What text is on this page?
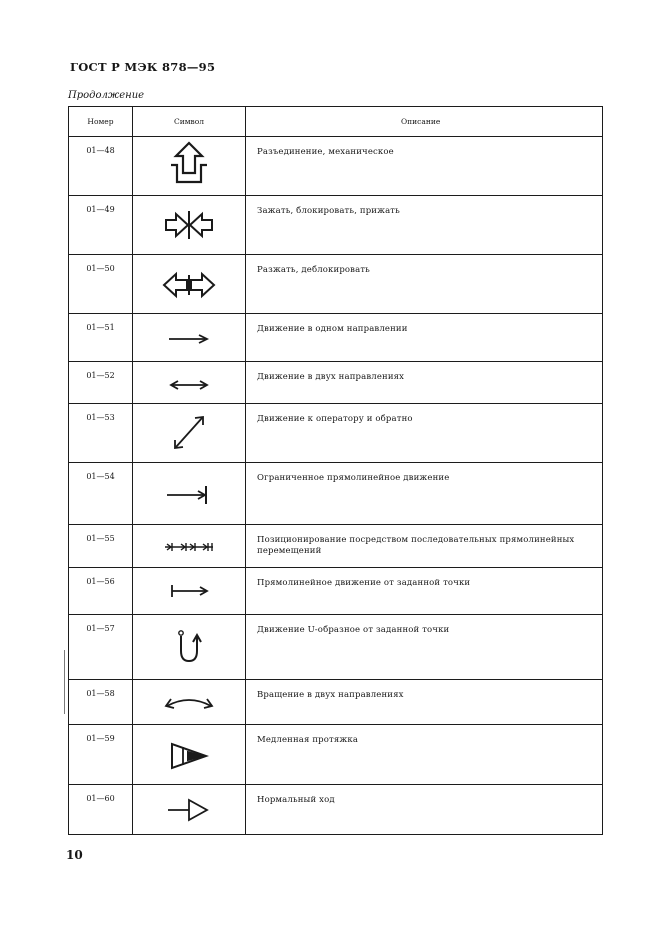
ГОСТ Р МЭК 878—95
Продолжение
Номер	Символ	Описание
01—48		Разъединение, механическое
01—49		Зажать, блокировать, прижать
01—50		Разжать, деблокировать
01—51		Движение в одном направлении
01—52		Движение в двух направлениях
01—53		Движение к оператору и обратно
01—54		Ограниченное прямолинейное движение
01—55		Позиционирование посредством последовательных прямолинейных перемещений
01—56		Прямолинейное движение от заданной точки
01—57		Движение U-образное от заданной точки
01—58		Вращение в двух направлениях
01—59		Медленная протяжка
01—60		Нормальный ход
10
